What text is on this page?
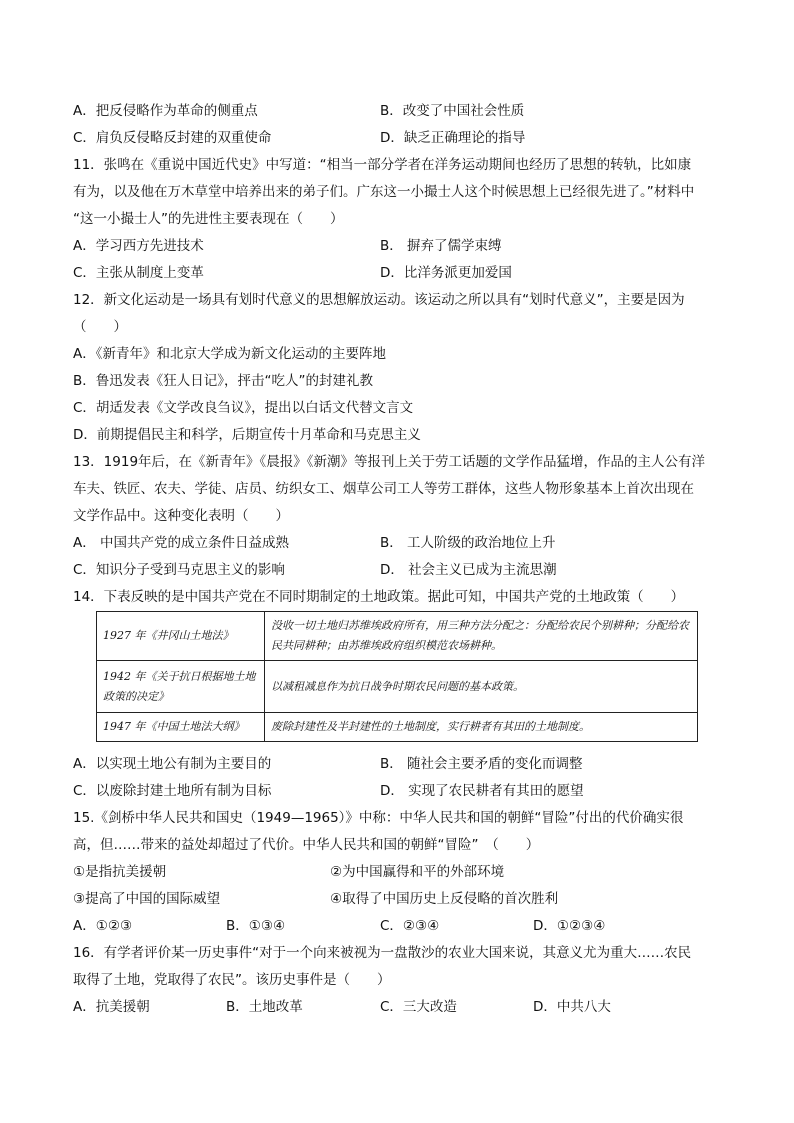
A．把反侵略作为革命的侧重点	B．改变了中国社会性质
C．肩负反侵略反封建的双重使命	D．缺乏正确理论的指导
11．张鸣在《重说中国近代史》中写道：“相当一部分学者在洋务运动期间也经历了思想的转轨，比如康
有为，以及他在万木草堂中培养出来的弟子们。广东这一小撮士人这个时候思想上已经很先进了。”材料中
“这一小撮士人”的先进性主要表现在（　　）
A．学习西方先进技术	B． 摒弃了儒学束缚
C．主张从制度上变革	D．比洋务派更加爱国
12．新文化运动是一场具有划时代意义的思想解放运动。该运动之所以具有“划时代意义”，主要是因为
（　　）
A．《新青年》和北京大学成为新文化运动的主要阵地
B．鲁迅发表《狂人日记》，抨击“吃人”的封建礼教
C．胡适发表《文学改良刍议》，提出以白话文代替文言文
D．前期提倡民主和科学，后期宣传十月革命和马克思主义
13．1919年后，在《新青年》《晨报》《新潮》等报刊上关于劳工话题的文学作品猛增，作品的主人公有洋
车夫、铁匠、农夫、学徒、店员、纺织女工、烟草公司工人等劳工群体，这些人物形象基本上首次出现在
文学作品中。这种变化表明（　　）
A． 中国共产党的成立条件日益成熟	B． 工人阶级的政治地位上升
C．知识分子受到马克思主义的影响	D． 社会主义已成为主流思潮
14．下表反映的是中国共产党在不同时期制定的土地政策。据此可知，中国共产党的土地政策（　　）
1927 年《井冈山土地法》	没收一切土地归苏维埃政府所有，用三种方法分配之：分配给农民个别耕种；分配给农民共同耕种；由苏维埃政府组织模范农场耕种。
1942 年《关于抗日根据地土地政策的决定》	以减租减息作为抗日战争时期农民问题的基本政策。
1947 年《中国土地法大纲》	废除封建性及半封建性的土地制度，实行耕者有其田的土地制度。
A．以实现土地公有制为主要目的	B． 随社会主要矛盾的变化而调整
C．以废除封建土地所有制为目标	D． 实现了农民耕者有其田的愿望
15.《剑桥中华人民共和国史（1949—1965）》中称：中华人民共和国的朝鲜“冒险”付出的代价确实很
高，但……带来的益处却超过了代价。中华人民共和国的朝鲜“冒险”　（　　）
①是指抗美援朝	②为中国赢得和平的外部环境
③提高了中国的国际威望	④取得了中国历史上反侵略的首次胜利
A．①②③	B．①③④	C．②③④	D．①②③④
16．有学者评价某一历史事件“对于一个向来被视为一盘散沙的农业大国来说，其意义尤为重大……农民
取得了土地，党取得了农民”。该历史事件是（　　）
A．抗美援朝	B．土地改革	C．三大改造	D．中共八大
